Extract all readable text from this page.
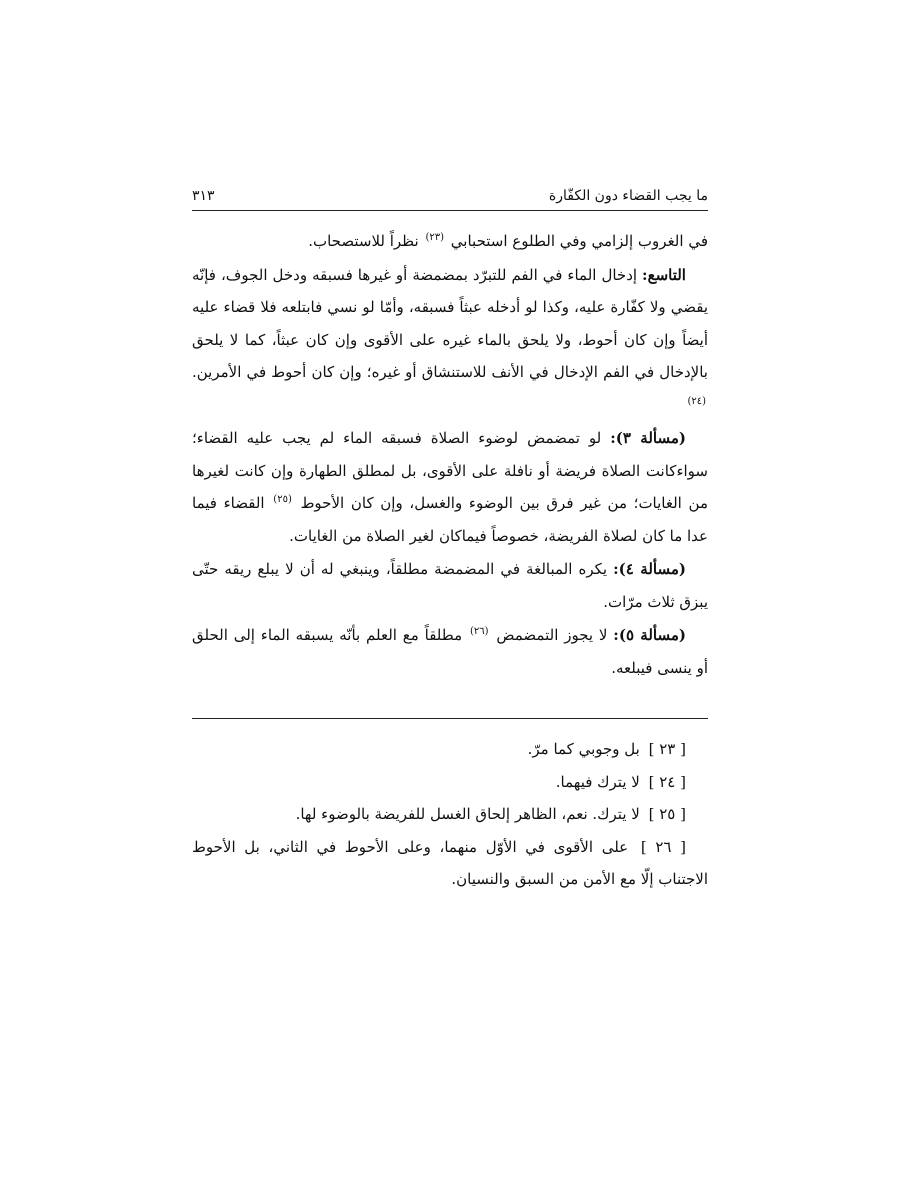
ما يجب القضاء دون الكفّارة
٣١٣

في الغروب إلزامي وفي الطلوع استحبابي $^{(٢٣)}$ نظراً للاستصحاب.

التاسع: إدخال الماء في الفم للتبرّد بمضمضة أو غيرها فسبقه ودخل الجوف، فإنّه يقضي ولا كفّارة عليه، وكذا لو أدخله عبثاً فسبقه، وأمّا لو نسي فابتلعه فلا قضاء عليه أيضاً وإن كان أحوط، ولا يلحق بالماء غيره على الأقوى وإن كان عبثاً، كما لا يلحق بالإدخال في الفم الإدخال في الأنف للاستنشاق أو غيره؛ وإن كان أحوط في الأمرين. $^{(٢٤)}$

(مسألة ٣): لو تمضمض لوضوء الصلاة فسبقه الماء لم يجب عليه القضاء؛ سواءكانت الصلاة فريضة أو نافلة على الأقوى، بل لمطلق الطهارة وإن كانت لغيرها من الغايات؛ من غير فرق بين الوضوء والغسل، وإن كان الأحوط $^{(٢٥)}$ القضاء فيما عدا ما كان لصلاة الفريضة، خصوصاً فيماكان لغير الصلاة من الغايات.

(مسألة ٤): يكره المبالغة في المضمضة مطلقاً، وينبغي له أن لا يبلع ريقه حتّى يبزق ثلاث مرّات.

(مسألة ٥): لا يجوز التمضمض $^{(٢٦)}$ مطلقاً مع العلم بأنّه يسبقه الماء إلى الحلق أو ينسى فيبلعه.

[ ٢٣ ] بل وجوبي كما مرّ.

[ ٢٤ ] لا يترك فيهما.

[ ٢٥ ] لا يترك. نعم، الظاهر إلحاق الغسل للفريضة بالوضوء لها.

[ ٢٦ ] على الأقوى في الأوّل منهما، وعلى الأحوط في الثاني، بل الأحوط الاجتناب إلّا مع الأمن من السبق والنسيان.
